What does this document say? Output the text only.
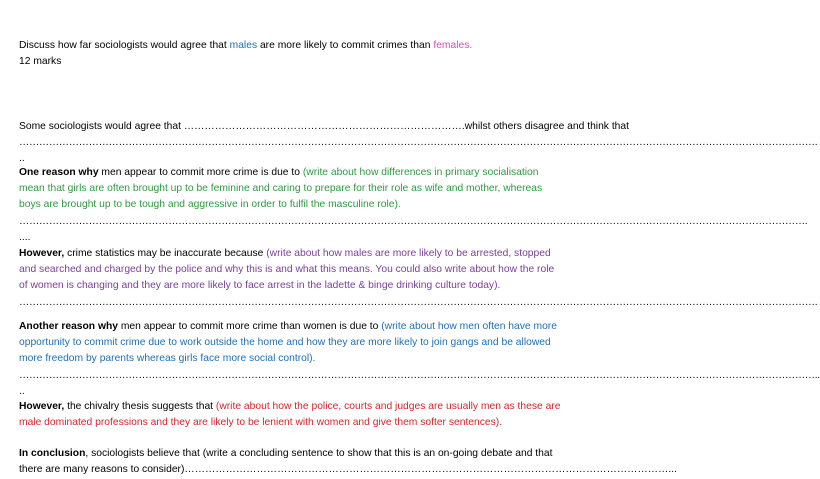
Discuss how far sociologists would agree that males are more likely to commit crimes than females.
12 marks
Some sociologists would agree that ……………………………………………………………………….whilst others disagree and think that
…………………………………………………………………………………………………………………………………………………………………………………………………………………….
..
One reason why men appear to commit more crime is due to (write about how differences in primary socialisation
mean that girls are often brought up to be feminine and caring to prepare for their role as wife and mother, whereas
boys are brought up to be tough and aggressive in order to fulfil the masculine role).
………………………………………………………………………………………………………………………………………………………………………………………………………………….
....
However, crime statistics may be inaccurate because (write about how males are more likely to be arrested, stopped
and searched and charged by the police and why this is and what this means. You could also write about how the role
of women is changing and they are more likely to face arrest in the ladette & binge drinking culture today).
…………………………………………………………………………………………………………………………………………………………………………………………………………………….
Another reason why men appear to commit more crime than women is due to (write about how men often have more
opportunity to commit crime due to work outside the home and how they are more likely to join gangs and be allowed
more freedom by parents whereas girls face more social control).
……………………………………………………………………………………………………………………………………………………………………………………………………………………..
..
However, the chivalry thesis suggests that (write about how the police, courts and judges are usually men as these are
male dominated professions and they are likely to be lenient with women and give them softer sentences).
In conclusion, sociologists believe that (write a concluding sentence to show that this is an on-going debate and that
there are many reasons to consider)……………………………………………………………………………………………………………………………...
